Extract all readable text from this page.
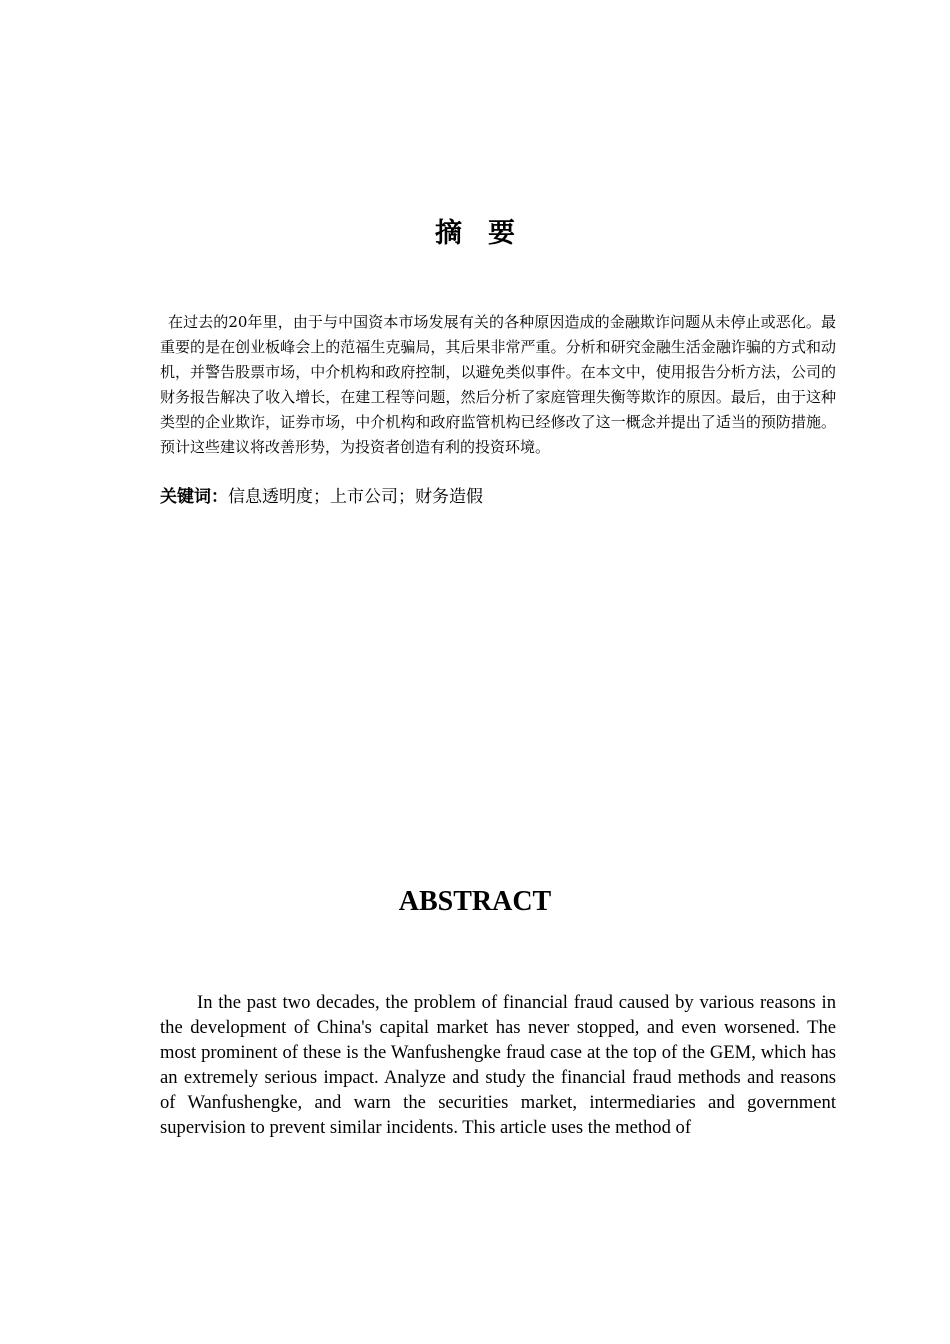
摘 要

在过去的20年里，由于与中国资本市场发展有关的各种原因造成的金融欺诈问题从未停止或恶化。最重要的是在创业板峰会上的范福生克骗局，其后果非常严重。分析和研究金融生活金融诈骗的方式和动机，并警告股票市场，中介机构和政府控制，以避免类似事件。在本文中，使用报告分析方法，公司的财务报告解决了收入增长，在建工程等问题，然后分析了家庭管理失衡等欺诈的原因。最后，由于这种类型的企业欺诈，证券市场，中介机构和政府监管机构已经修改了这一概念并提出了适当的预防措施。预计这些建议将改善形势，为投资者创造有利的投资环境。

关键词：信息透明度；上市公司；财务造假

ABSTRACT

In the past two decades, the problem of financial fraud caused by various reasons in the development of China's capital market has never stopped, and even worsened. The most prominent of these is the Wanfushengke fraud case at the top of the GEM, which has an extremely serious impact. Analyze and study the financial fraud methods and reasons of Wanfushengke, and warn the securities market, intermediaries and government supervision to prevent similar incidents. This article uses the method of
